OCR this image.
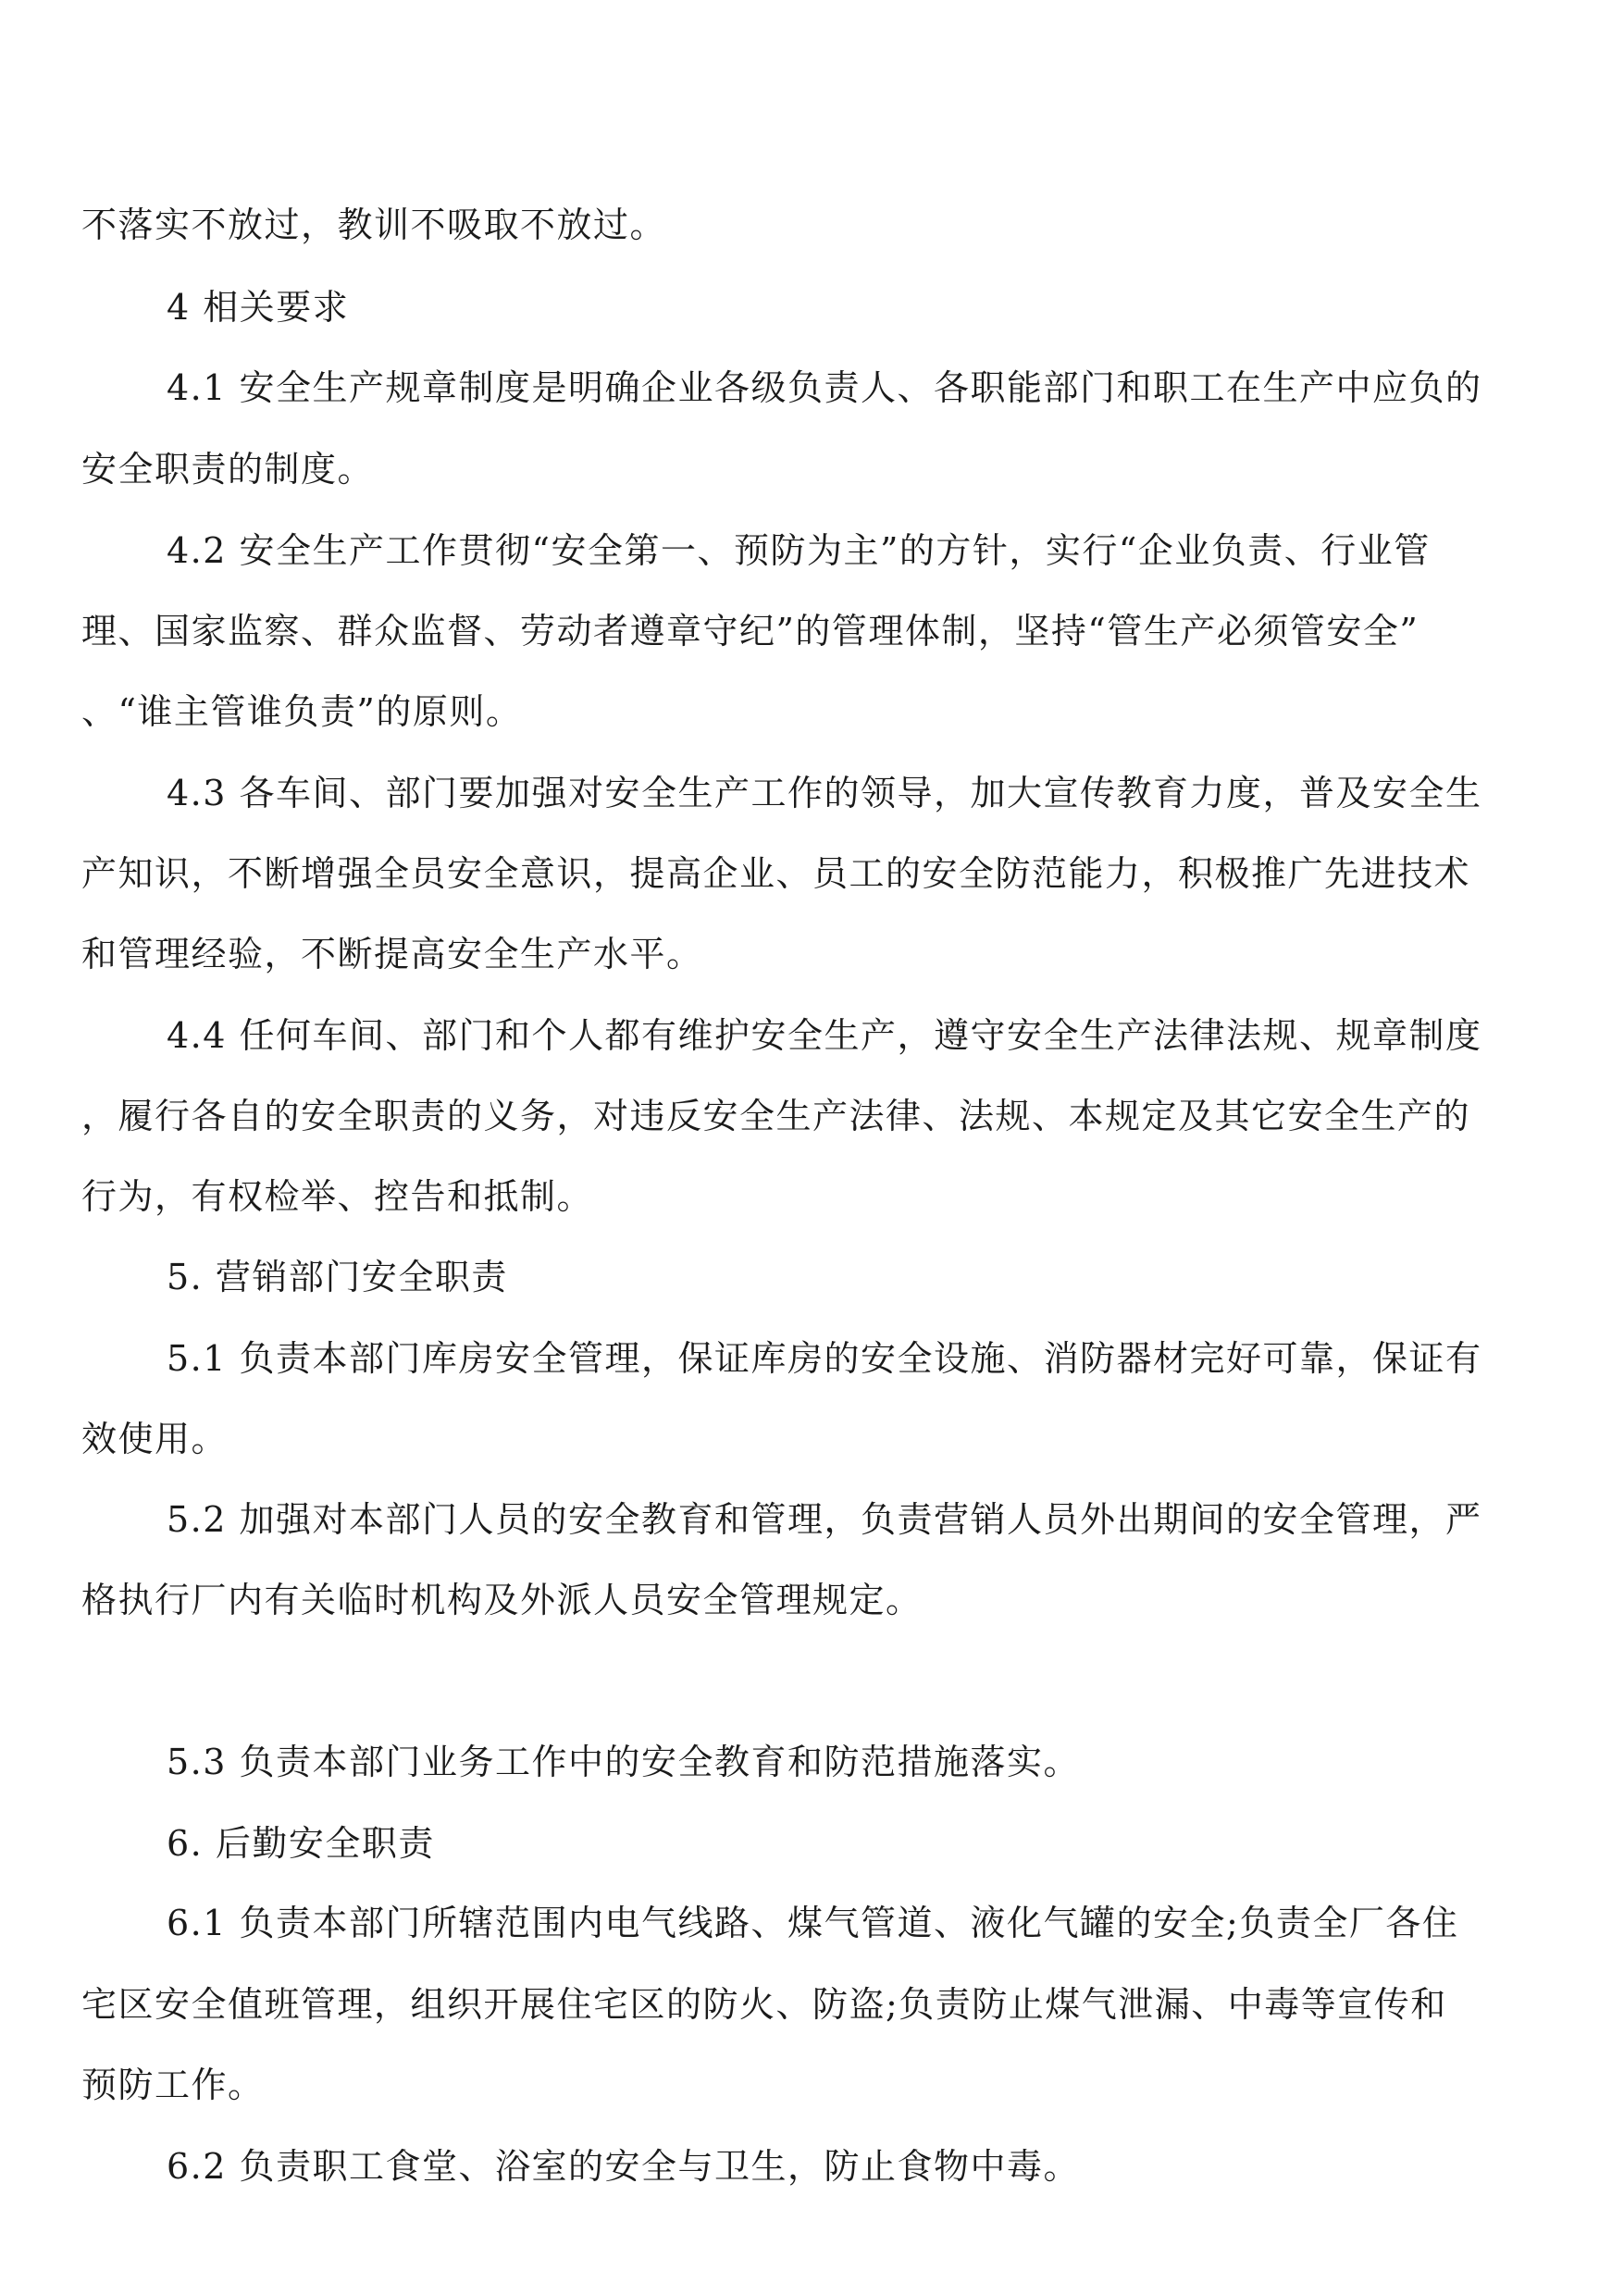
不落实不放过，教训不吸取不放过。
4 相关要求
4.1 安全生产规章制度是明确企业各级负责人、各职能部门和职工在生产中应负的
安全职责的制度。
4.2 安全生产工作贯彻“安全第一、预防为主”的方针，实行“企业负责、行业管
理、国家监察、群众监督、劳动者遵章守纪”的管理体制，坚持“管生产必须管安全”
、“谁主管谁负责”的原则。
4.3 各车间、部门要加强对安全生产工作的领导，加大宣传教育力度，普及安全生
产知识，不断增强全员安全意识，提高企业、员工的安全防范能力，积极推广先进技术
和管理经验，不断提高安全生产水平。
4.4 任何车间、部门和个人都有维护安全生产，遵守安全生产法律法规、规章制度
，履行各自的安全职责的义务，对违反安全生产法律、法规、本规定及其它安全生产的
行为，有权检举、控告和抵制。
5. 营销部门安全职责
5.1 负责本部门库房安全管理，保证库房的安全设施、消防器材完好可靠，保证有
效使用。
5.2 加强对本部门人员的安全教育和管理，负责营销人员外出期间的安全管理，严
格执行厂内有关临时机构及外派人员安全管理规定。
5.3 负责本部门业务工作中的安全教育和防范措施落实。
6. 后勤安全职责
6.1 负责本部门所辖范围内电气线路、煤气管道、液化气罐的安全;负责全厂各住
宅区安全值班管理，组织开展住宅区的防火、防盗;负责防止煤气泄漏、中毒等宣传和
预防工作。
6.2 负责职工食堂、浴室的安全与卫生，防止食物中毒。
